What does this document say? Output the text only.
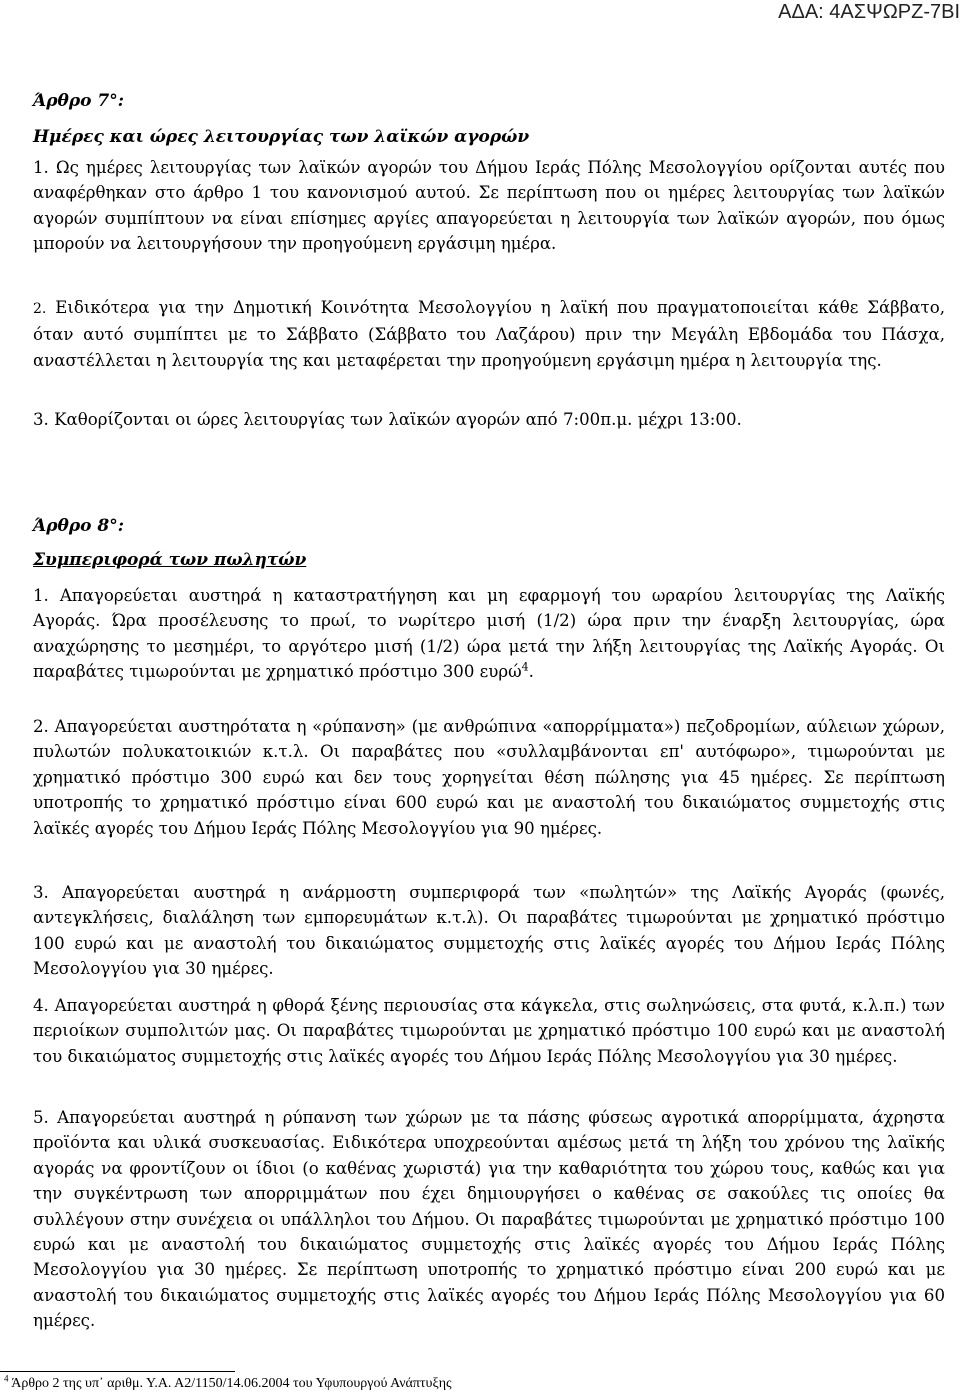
ΑΔΑ: 4ΑΣΨΩΡΖ-7ΒΙ

Άρθρο 7°:

Ημέρες και ώρες λειτουργίας των λαϊκών αγορών

1. Ως ημέρες λειτουργίας των λαϊκών αγορών του Δήμου Ιεράς Πόλης Μεσολογγίου ορίζονται αυτές που αναφέρθηκαν στο άρθρο 1 του κανονισμού αυτού. Σε περίπτωση που οι ημέρες λειτουργίας των λαϊκών αγορών συμπίπτουν να είναι επίσημες αργίες απαγορεύεται η λειτουργία των λαϊκών αγορών, που όμως μπορούν να λειτουργήσουν την προηγούμενη εργάσιμη ημέρα.

2. Ειδικότερα για την Δημοτική Κοινότητα Μεσολογγίου η λαϊκή που πραγματοποιείται κάθε Σάββατο, όταν αυτό συμπίπτει με το Σάββατο (Σάββατο του Λαζάρου) πριν την Μεγάλη Εβδομάδα του Πάσχα, αναστέλλεται η λειτουργία της και μεταφέρεται την προηγούμενη εργάσιμη ημέρα η λειτουργία της.

3. Καθορίζονται οι ώρες λειτουργίας των λαϊκών αγορών από 7:00π.μ. μέχρι 13:00.

Άρθρο 8°:

Συμπεριφορά των πωλητών

1. Απαγορεύεται αυστηρά η καταστρατήγηση και μη εφαρμογή του ωραρίου λειτουργίας της Λαϊκής Αγοράς. Ώρα προσέλευσης το πρωί, το νωρίτερο μισή (1/2) ώρα πριν την έναρξη λειτουργίας, ώρα αναχώρησης το μεσημέρι, το αργότερο μισή (1/2) ώρα μετά την λήξη λειτουργίας της Λαϊκής Αγοράς. Οι παραβάτες τιμωρούνται με χρηματικό πρόστιμο 300 ευρώ$^4$.

2. Απαγορεύεται αυστηρότατα η «ρύπανση» (με ανθρώπινα «απορρίμματα») πεζοδρομίων, αύλειων χώρων, πυλωτών πολυκατοικιών κ.τ.λ. Οι παραβάτες που «συλλαμβάνονται επ' αυτόφωρο», τιμωρούνται με χρηματικό πρόστιμο 300 ευρώ και δεν τους χορηγείται θέση πώλησης για 45 ημέρες. Σε περίπτωση υποτροπής το χρηματικό πρόστιμο είναι 600 ευρώ και με αναστολή του δικαιώματος συμμετοχής στις λαϊκές αγορές του Δήμου Ιεράς Πόλης Μεσολογγίου για 90 ημέρες.

3. Απαγορεύεται αυστηρά η ανάρμοστη συμπεριφορά των «πωλητών» της Λαϊκής Αγοράς (φωνές, αντεγκλήσεις, διαλάληση των εμπορευμάτων κ.τ.λ). Οι παραβάτες τιμωρούνται με χρηματικό πρόστιμο 100 ευρώ και με αναστολή του δικαιώματος συμμετοχής στις λαϊκές αγορές του Δήμου Ιεράς Πόλης Μεσολογγίου για 30 ημέρες.

4. Απαγορεύεται αυστηρά η φθορά ξένης περιουσίας στα κάγκελα, στις σωληνώσεις, στα φυτά, κ.λ.π.) των περιοίκων συμπολιτών μας. Οι παραβάτες τιμωρούνται με χρηματικό πρόστιμο 100 ευρώ και με αναστολή του δικαιώματος συμμετοχής στις λαϊκές αγορές του Δήμου Ιεράς Πόλης Μεσολογγίου για 30 ημέρες.

5. Απαγορεύεται αυστηρά η ρύπανση των χώρων με τα πάσης φύσεως αγροτικά απορρίμματα, άχρηστα προϊόντα και υλικά συσκευασίας. Ειδικότερα υποχρεούνται αμέσως μετά τη λήξη του χρόνου της λαϊκής αγοράς να φροντίζουν οι ίδιοι (ο καθένας χωριστά) για την καθαριότητα του χώρου τους, καθώς και για την συγκέντρωση των απορριμμάτων που έχει δημιουργήσει ο καθένας σε σακούλες τις οποίες θα συλλέγουν στην συνέχεια οι υπάλληλοι του Δήμου. Οι παραβάτες τιμωρούνται με χρηματικό πρόστιμο 100 ευρώ και με αναστολή του δικαιώματος συμμετοχής στις λαϊκές αγορές του Δήμου Ιεράς Πόλης Μεσολογγίου για 30 ημέρες. Σε περίπτωση υποτροπής το χρηματικό πρόστιμο είναι 200 ευρώ και με αναστολή του δικαιώματος συμμετοχής στις λαϊκές αγορές του Δήμου Ιεράς Πόλης Μεσολογγίου για 60 ημέρες.

$^4$ Άρθρο 2 της υπ᾽ αριθμ. Υ.Α. Α2/1150/14.06.2004 του Υφυπουργού Ανάπτυξης
